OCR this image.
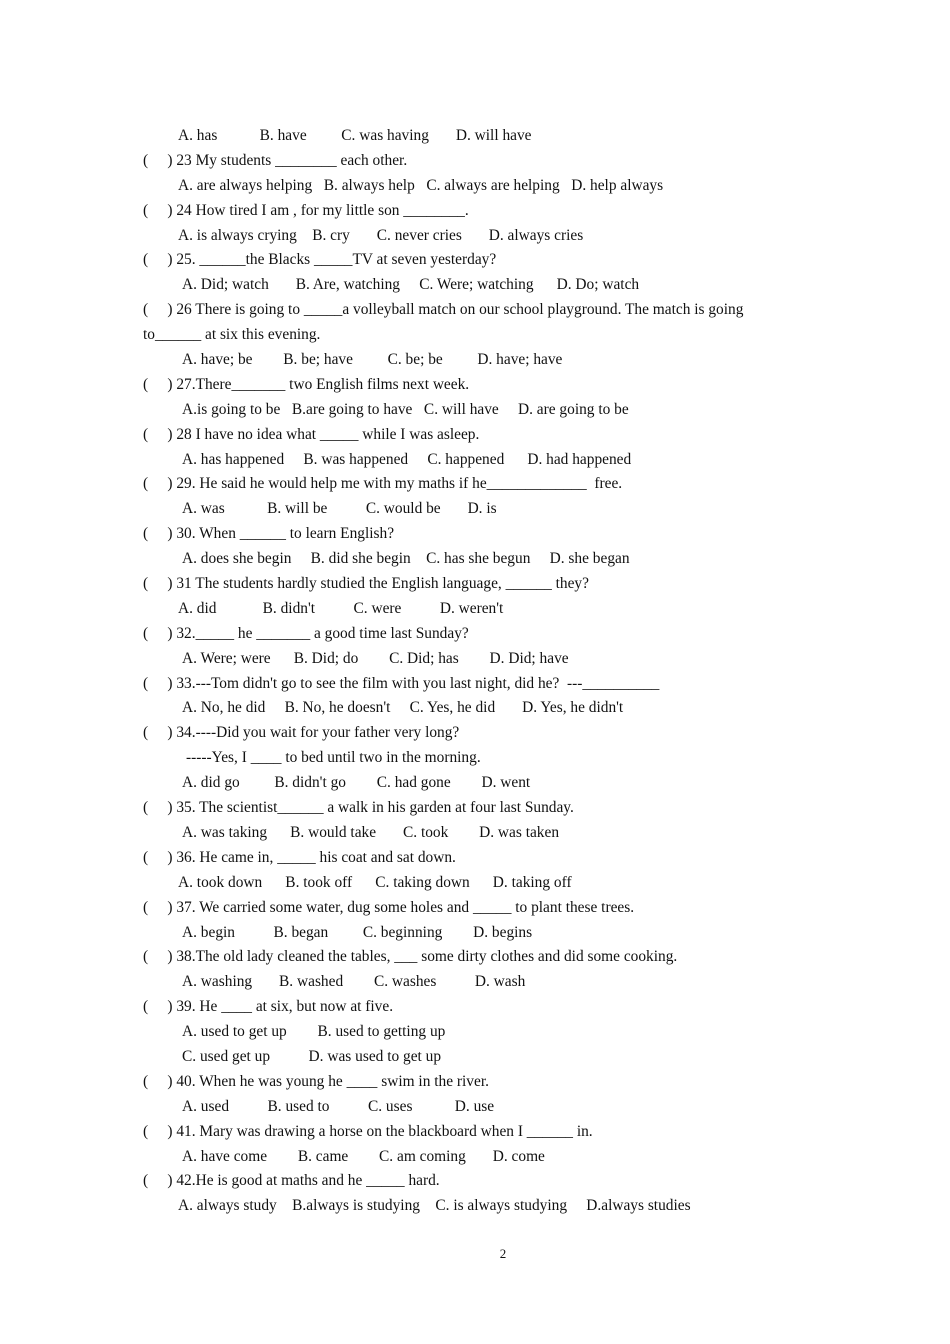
A. has           B. have         C. was having       D. will have
(     ) 23 My students ________ each other.
A. are always helping   B. always help   C. always are helping   D. help always
(     ) 24 How tired I am , for my little son ________.
A. is always crying    B. cry       C. never cries       D. always cries
(     ) 25. ______the Blacks _____TV at seven yesterday?
A. Did; watch       B. Are, watching     C. Were; watching      D. Do; watch
(     ) 26 There is going to _____a volleyball match on our school playground. The match is going
to______ at six this evening.
A. have; be        B. be; have         C. be; be         D. have; have
(     ) 27.There_______ two English films next week.
A.is going to be   B.are going to have   C. will have     D. are going to be
(     ) 28 I have no idea what _____ while I was asleep.
A. has happened     B. was happened     C. happened      D. had happened
(     ) 29. He said he would help me with my maths if he_____________  free.
A. was           B. will be          C. would be       D. is
(     ) 30. When ______ to learn English?
A. does she begin     B. did she begin    C. has she begun     D. she began
(     ) 31 The students hardly studied the English language, ______ they?
A. did            B. didn't          C. were          D. weren't
(     ) 32._____ he _______ a good time last Sunday?
A. Were; were      B. Did; do        C. Did; has        D. Did; have
(     ) 33.---Tom didn't go to see the film with you last night, did he?  ---__________
A. No, he did     B. No, he doesn't     C. Yes, he did       D. Yes, he didn't
(     ) 34.----Did you wait for your father very long?
-----Yes, I ____ to bed until two in the morning.
A. did go         B. didn't go        C. had gone        D. went
(     ) 35. The scientist______ a walk in his garden at four last Sunday.
A. was taking      B. would take       C. took        D. was taken
(     ) 36. He came in, _____ his coat and sat down.
A. took down      B. took off      C. taking down      D. taking off
(     ) 37. We carried some water, dug some holes and _____ to plant these trees.
A. begin          B. began         C. beginning        D. begins
(     ) 38.The old lady cleaned the tables, ___ some dirty clothes and did some cooking.
A. washing       B. washed        C. washes          D. wash
(     ) 39. He ____ at six, but now at five.
A. used to get up        B. used to getting up
C. used get up          D. was used to get up
(     ) 40. When he was young he ____ swim in the river.
A. used          B. used to          C. uses           D. use
(     ) 41. Mary was drawing a horse on the blackboard when I ______ in.
A. have come        B. came        C. am coming       D. come
(     ) 42.He is good at maths and he _____ hard.
A. always study    B.always is studying    C. is always studying     D.always studies
2
